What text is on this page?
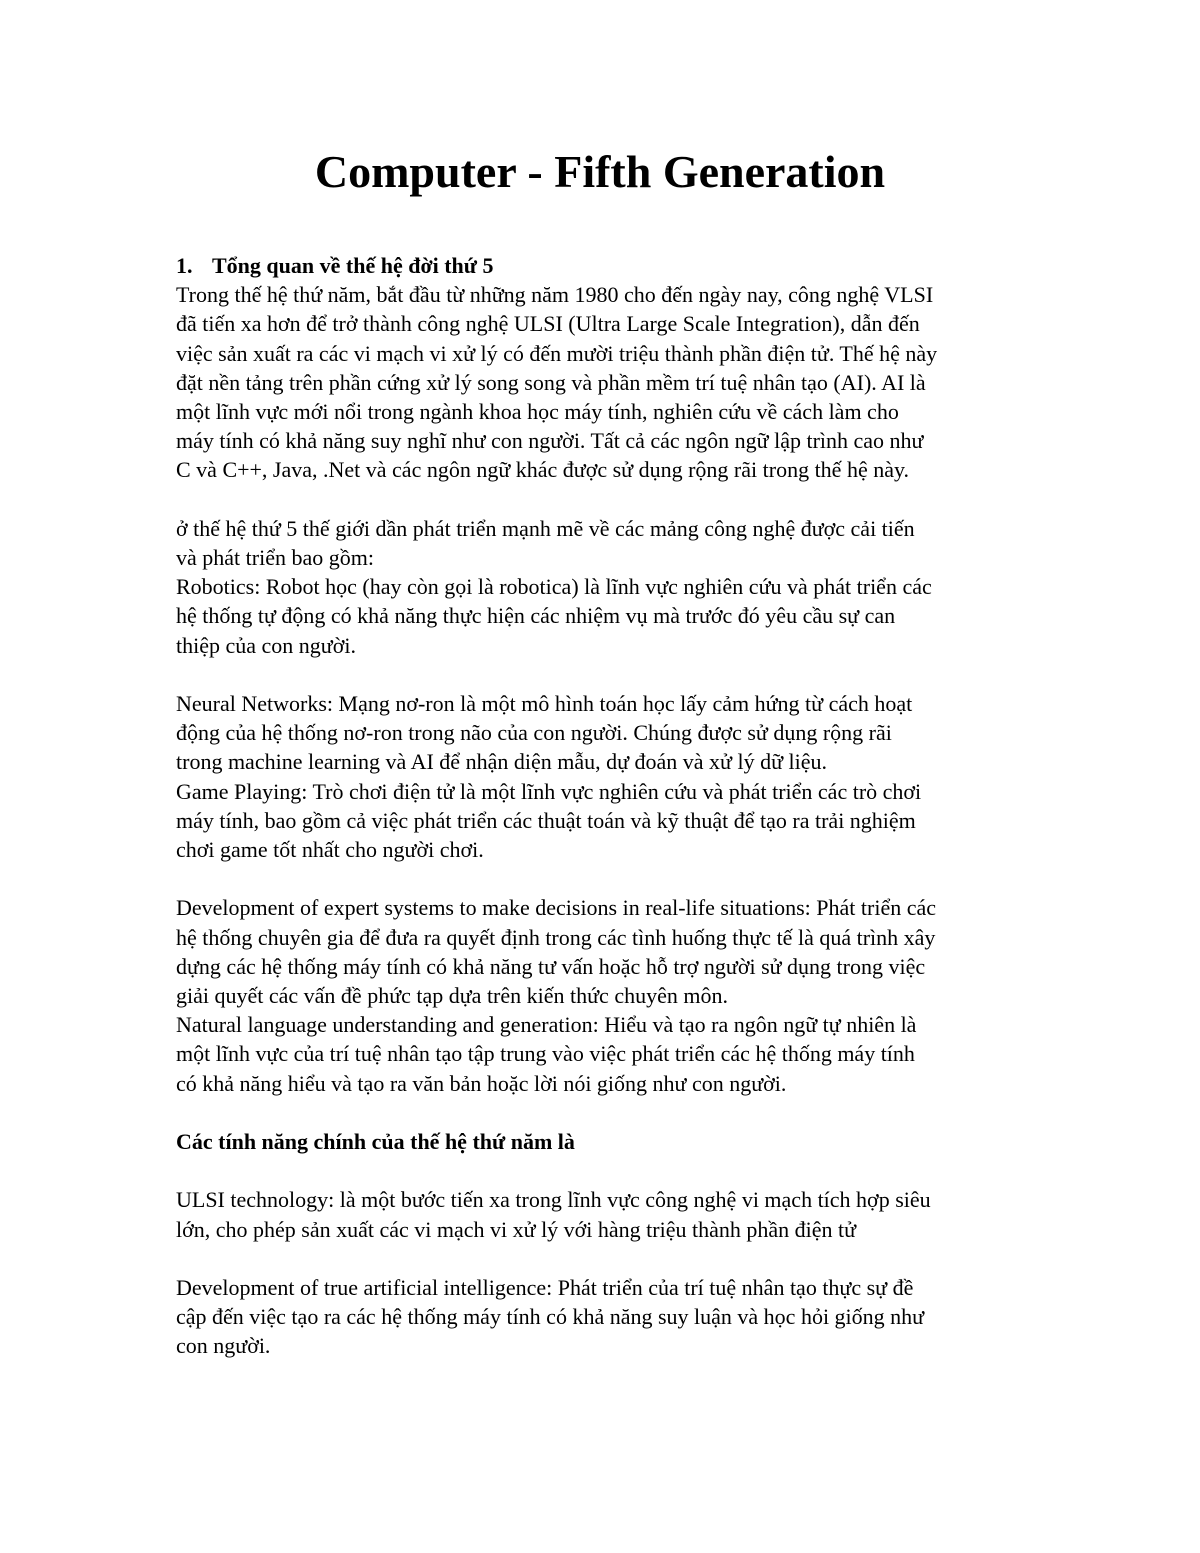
Computer - Fifth Generation
1. Tổng quan về thế hệ đời thứ 5
Trong thế hệ thứ năm, bắt đầu từ những năm 1980 cho đến ngày nay, công nghệ VLSI
đã tiến xa hơn để trở thành công nghệ ULSI (Ultra Large Scale Integration), dẫn đến
việc sản xuất ra các vi mạch vi xử lý có đến mười triệu thành phần điện tử. Thế hệ này
đặt nền tảng trên phần cứng xử lý song song và phần mềm trí tuệ nhân tạo (AI). AI là
một lĩnh vực mới nổi trong ngành khoa học máy tính, nghiên cứu về cách làm cho
máy tính có khả năng suy nghĩ như con người. Tất cả các ngôn ngữ lập trình cao như
C và C++, Java, .Net và các ngôn ngữ khác được sử dụng rộng rãi trong thế hệ này.
ở thế hệ thứ 5 thế giới dần phát triển mạnh mẽ về các mảng công nghệ được cải tiến
và phát triển bao gồm:
Robotics: Robot học (hay còn gọi là robotica) là lĩnh vực nghiên cứu và phát triển các
hệ thống tự động có khả năng thực hiện các nhiệm vụ mà trước đó yêu cầu sự can
thiệp của con người.
Neural Networks: Mạng nơ-ron là một mô hình toán học lấy cảm hứng từ cách hoạt
động của hệ thống nơ-ron trong não của con người. Chúng được sử dụng rộng rãi
trong machine learning và AI để nhận diện mẫu, dự đoán và xử lý dữ liệu.
Game Playing: Trò chơi điện tử là một lĩnh vực nghiên cứu và phát triển các trò chơi
máy tính, bao gồm cả việc phát triển các thuật toán và kỹ thuật để tạo ra trải nghiệm
chơi game tốt nhất cho người chơi.
Development of expert systems to make decisions in real-life situations: Phát triển các
hệ thống chuyên gia để đưa ra quyết định trong các tình huống thực tế là quá trình xây
dựng các hệ thống máy tính có khả năng tư vấn hoặc hỗ trợ người sử dụng trong việc
giải quyết các vấn đề phức tạp dựa trên kiến thức chuyên môn.
Natural language understanding and generation: Hiểu và tạo ra ngôn ngữ tự nhiên là
một lĩnh vực của trí tuệ nhân tạo tập trung vào việc phát triển các hệ thống máy tính
có khả năng hiểu và tạo ra văn bản hoặc lời nói giống như con người.
Các tính năng chính của thế hệ thứ năm là
ULSI technology: là một bước tiến xa trong lĩnh vực công nghệ vi mạch tích hợp siêu
lớn, cho phép sản xuất các vi mạch vi xử lý với hàng triệu thành phần điện tử
Development of true artificial intelligence: Phát triển của trí tuệ nhân tạo thực sự đề
cập đến việc tạo ra các hệ thống máy tính có khả năng suy luận và học hỏi giống như
con người.
